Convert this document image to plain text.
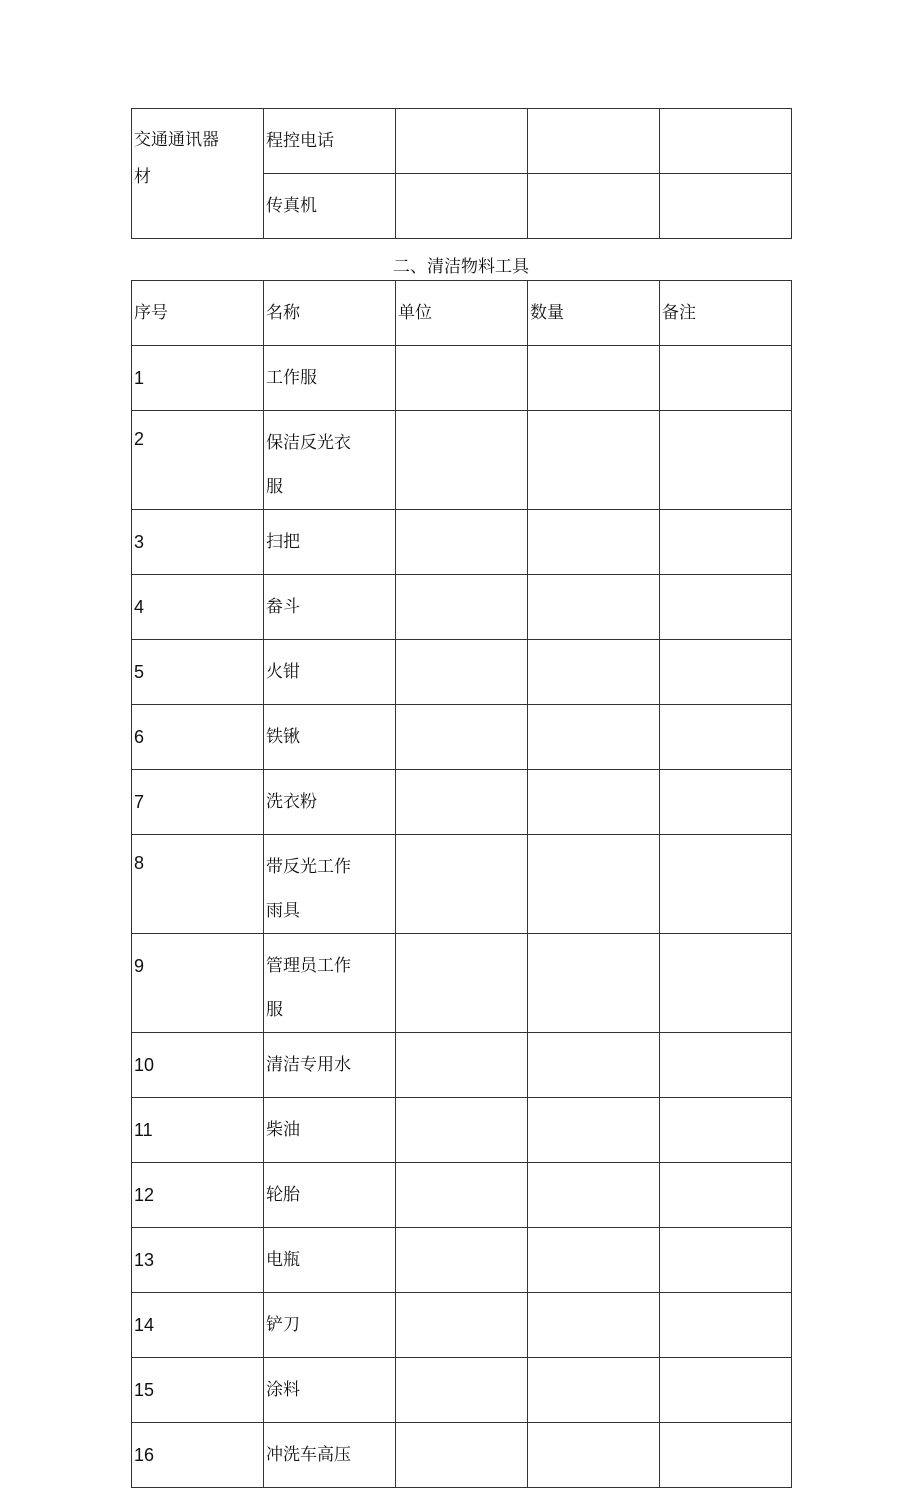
交通通讯器
材	程控电话			
	传真机			
二、清洁物料工具
序号	名称	单位	数量	备注
1	工作服			
2	保洁反光衣
服			

3	扫把			
4	畚斗			
5	火钳			
6	铁锹			
7	洗衣粉			
8	带反光工作
雨具			

9	管理员工作
服			

10	清洁专用水			
11	柴油			
12	轮胎			
13	电瓶			
14	铲刀			
15	涂料			
16	冲洗车高压			
